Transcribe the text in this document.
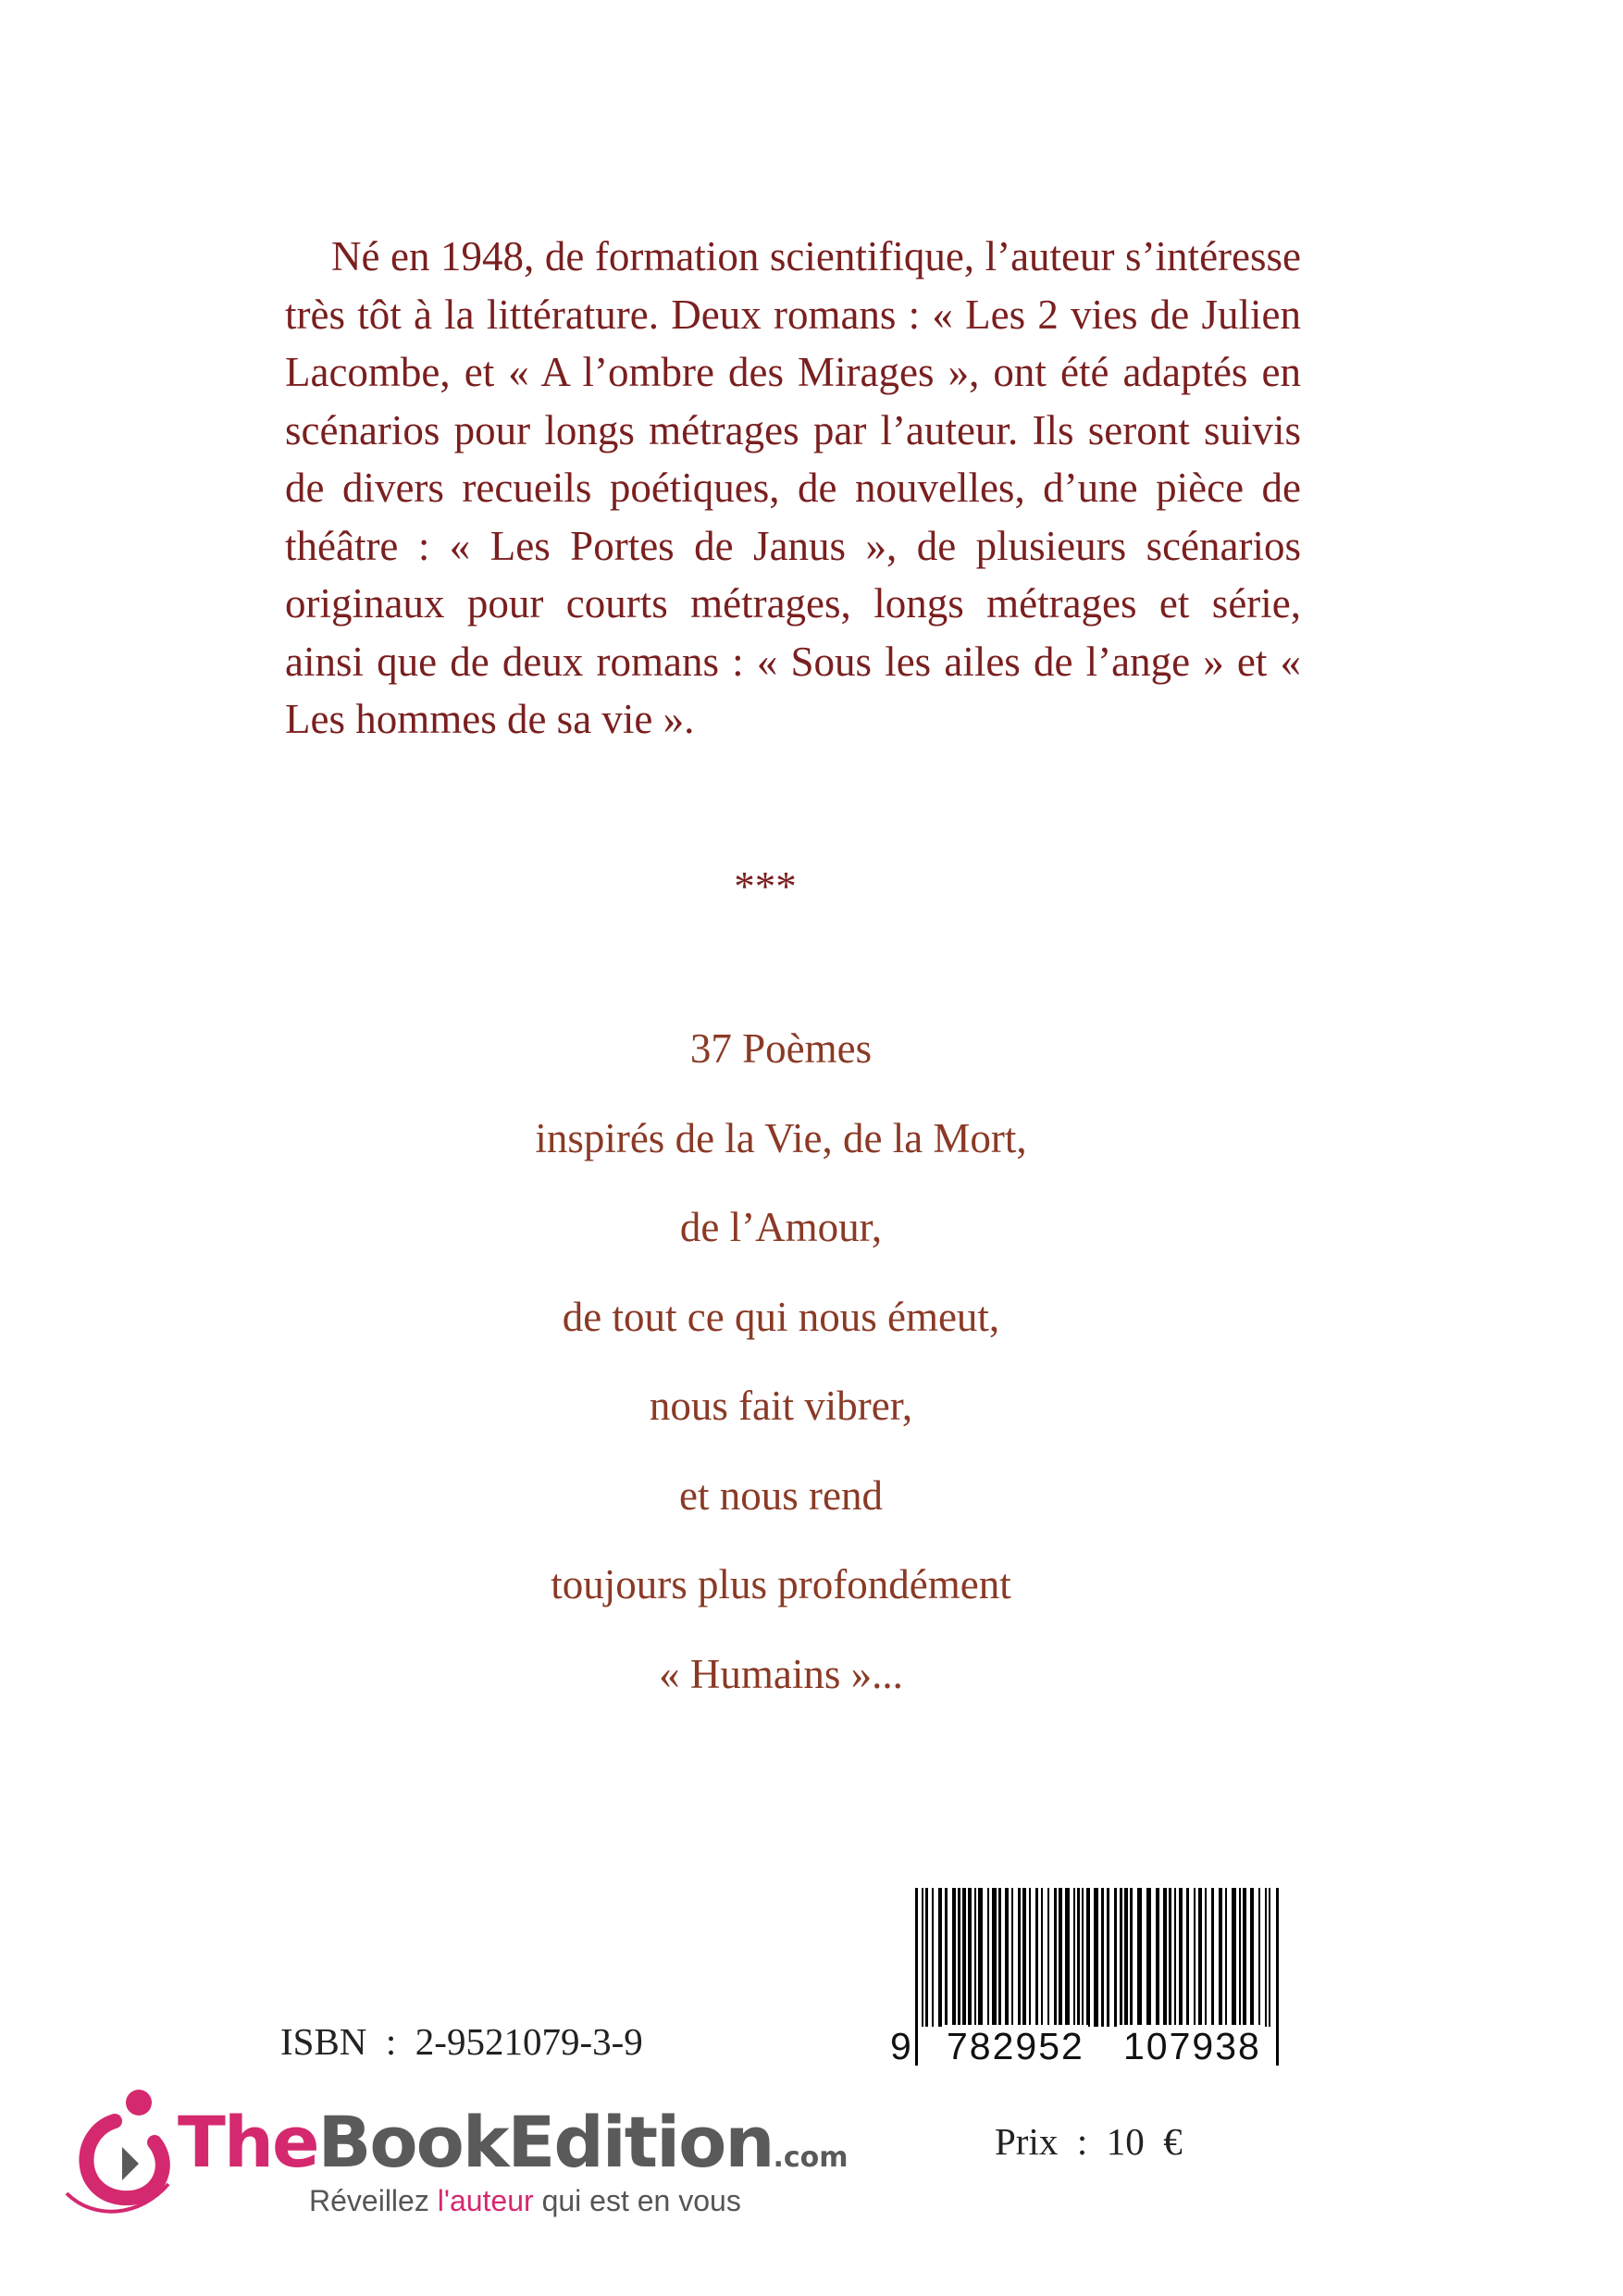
Né en 1948, de formation scientifique, l’auteur s’intéresse très tôt à la littérature. Deux romans : « Les 2 vies de Julien Lacombe, et « A l’ombre des Mirages », ont été adaptés en scénarios pour longs métrages par l’auteur. Ils seront suivis de divers recueils poétiques, de nouvelles, d’une pièce de théâtre : « Les Portes de Janus », de plusieurs scénarios originaux pour courts métrages, longs métrages et série, ainsi que de deux romans : « Sous les ailes de l’ange » et « Les hommes de sa vie ».

***
37 Poèmes
inspirés de la Vie, de la Mort,
de l’Amour,
de tout ce qui nous émeut,
nous fait vibrer,
et nous rend
toujours plus profondément
« Humains »...
ISBN  :  2-9521079-3-9	9 782952 107938
Prix  :  10  €
TheBookEdition.com
Réveillez l'auteur qui est en vous
